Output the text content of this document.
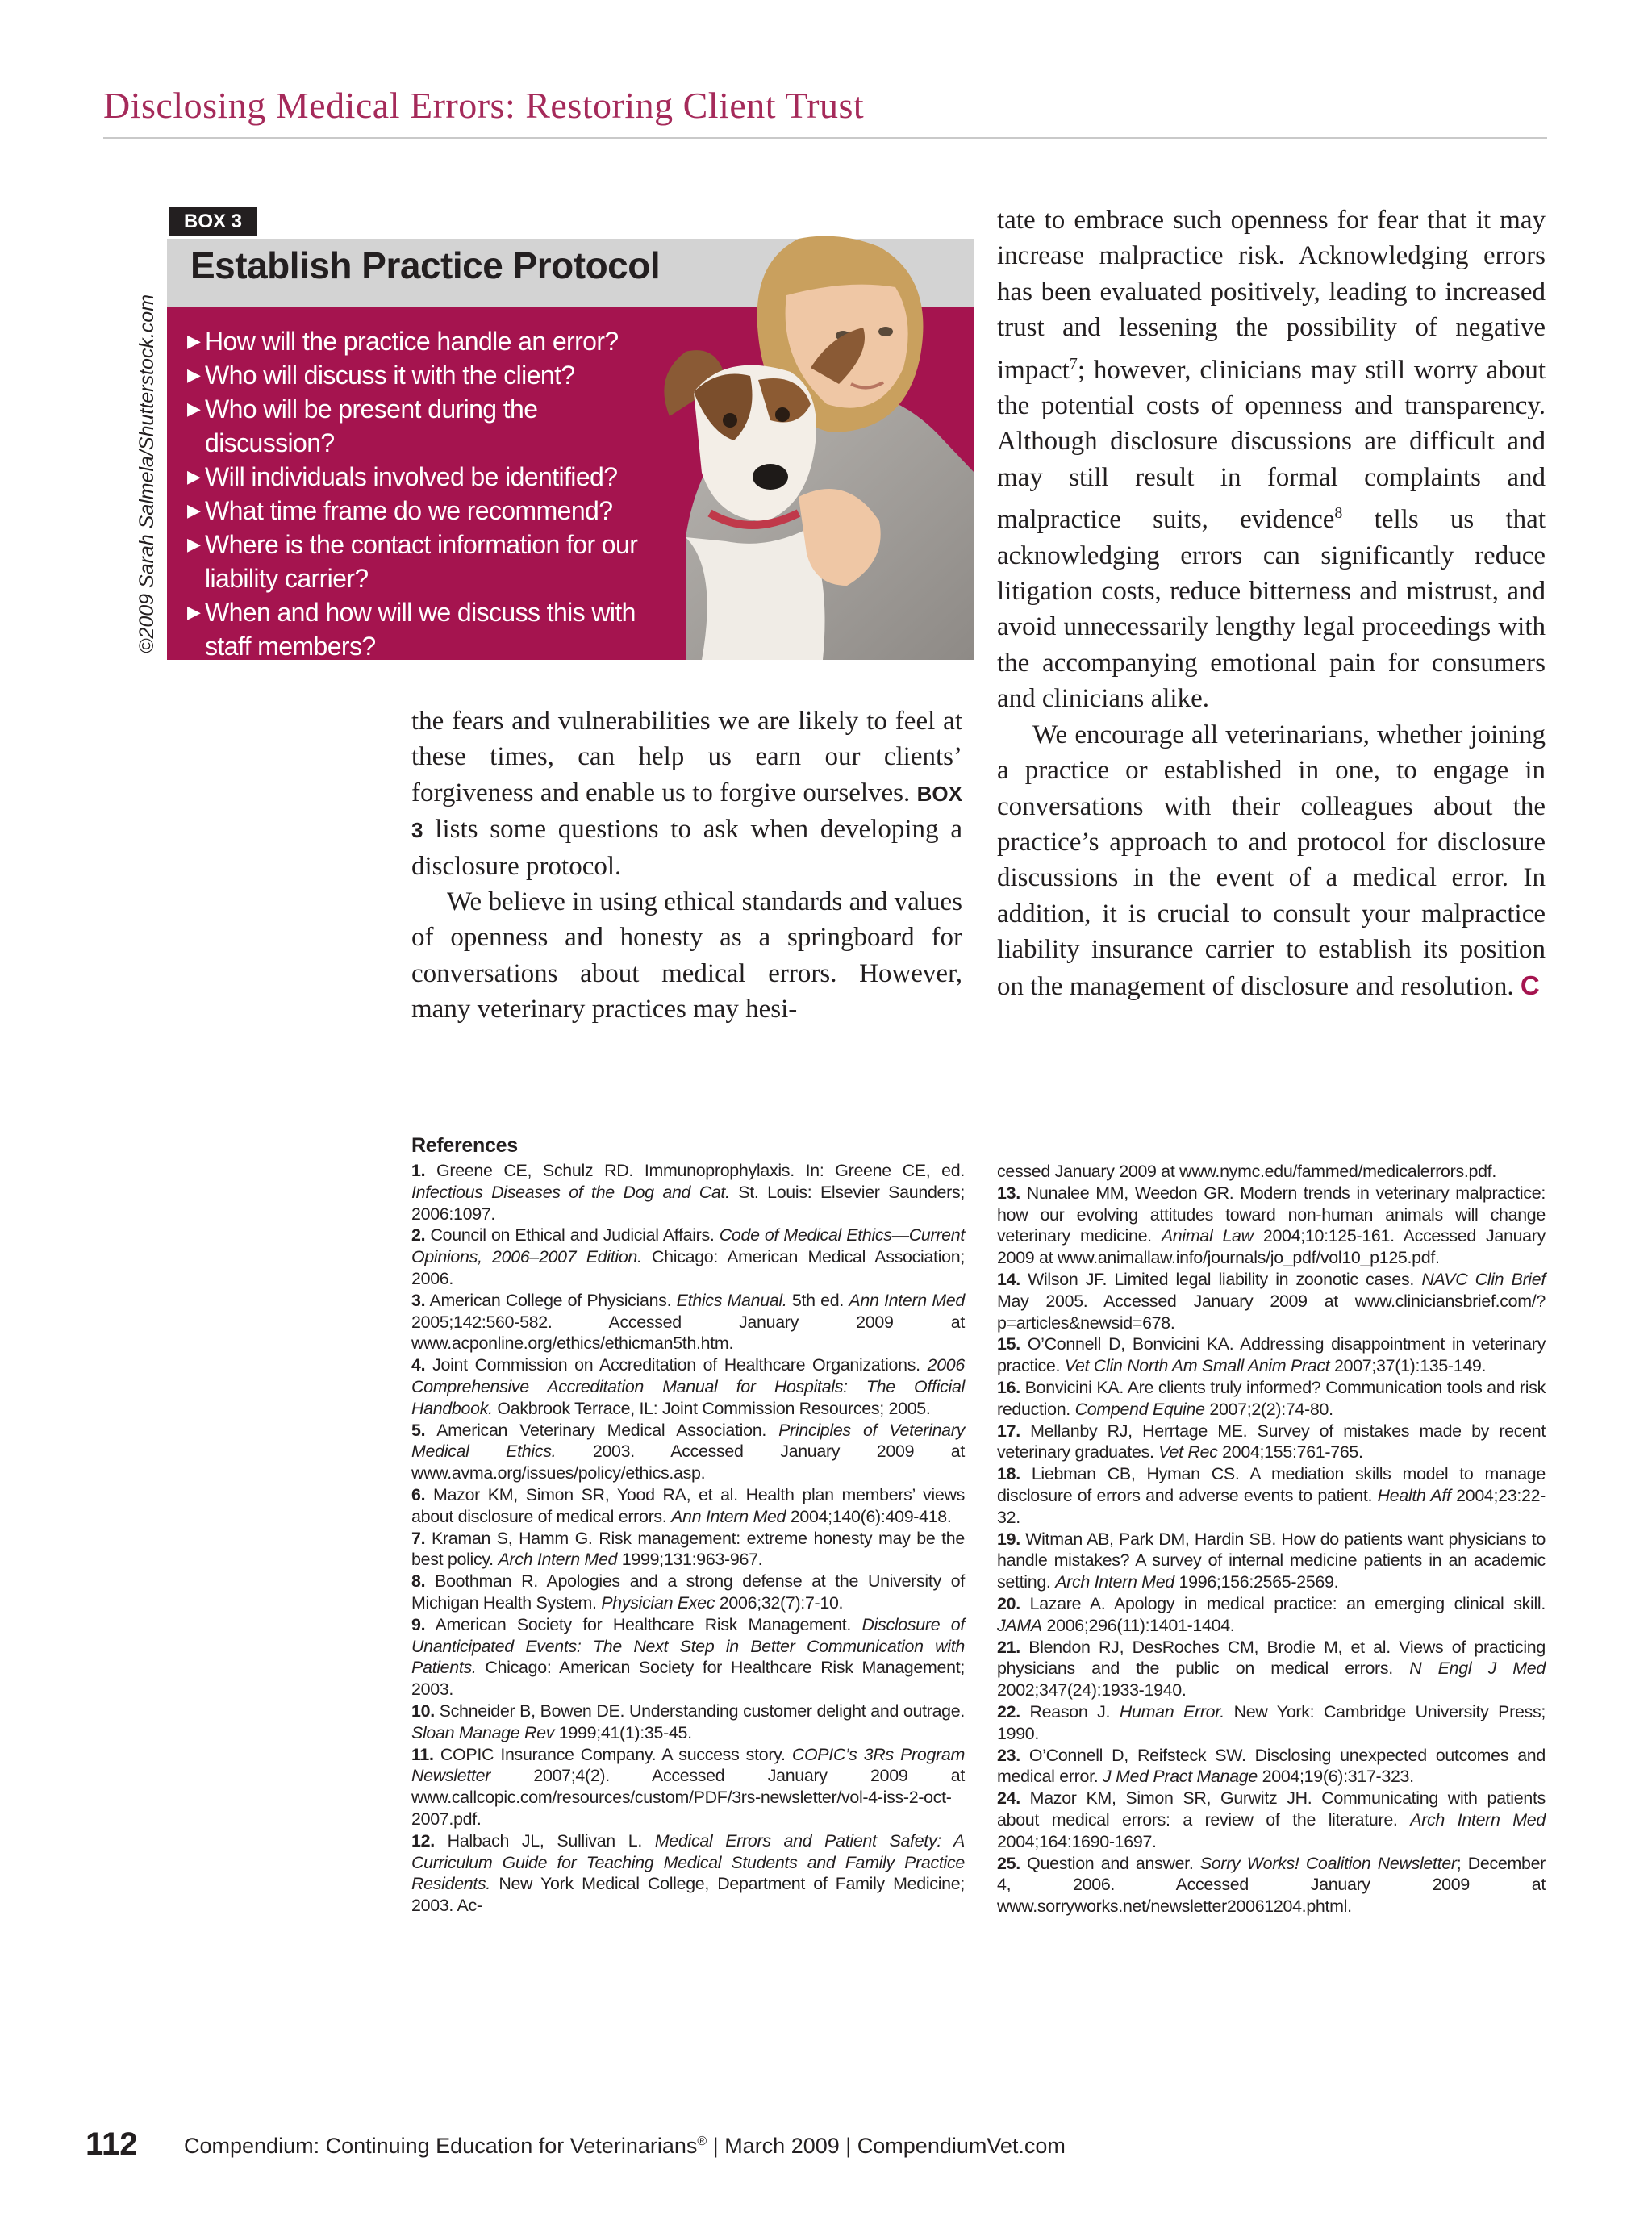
Disclosing Medical Errors: Restoring Client Trust
©2009 Sarah Salmela/Shutterstock.com
BOX 3
Establish Practice Protocol
▶ How will the practice handle an error?
▶ Who will discuss it with the client?
▶ Who will be present during the discussion?
▶ Will individuals involved be identified?
▶ What time frame do we recommend?
▶ Where is the contact information for our liability carrier?
▶ When and how will we discuss this with staff members?

the fears and vulnerabilities we are likely to feel at these times, can help us earn our clients’ forgiveness and enable us to forgive ourselves. BOX 3 lists some questions to ask when developing a disclosure protocol.

We believe in using ethical standards and values of openness and honesty as a springboard for conversations about medical errors. However, many veterinary practices may hesi-

tate to embrace such openness for fear that it may increase malpractice risk. Acknowledging errors has been evaluated positively, leading to increased trust and lessening the possibility of negative impact$^7$; however, clinicians may still worry about the potential costs of openness and transparency. Although disclosure discussions are difficult and may still result in formal complaints and malpractice suits, evidence$^8$ tells us that acknowledging errors can significantly reduce litigation costs, reduce bitterness and mistrust, and avoid unnecessarily lengthy legal proceedings with the accompanying emotional pain for consumers and clinicians alike.

We encourage all veterinarians, whether joining a practice or established in one, to engage in conversations with their colleagues about the practice’s approach to and protocol for disclosure discussions in the event of a medical error. In addition, it is crucial to consult your malpractice liability insurance carrier to establish its position on the management of disclosure and resolution. C

References

1. Greene CE, Schulz RD. Immunoprophylaxis. In: Greene CE, ed. Infectious Diseases of the Dog and Cat. St. Louis: Elsevier Saunders; 2006:1097.

2. Council on Ethical and Judicial Affairs. Code of Medical Ethics—Current Opinions, 2006–2007 Edition. Chicago: American Medical Association; 2006.

3. American College of Physicians. Ethics Manual. 5th ed. Ann Intern Med 2005;142:560-582. Accessed January 2009 at www.acponline.org/ethics/ethicman5th.htm.

4. Joint Commission on Accreditation of Healthcare Organizations. 2006 Comprehensive Accreditation Manual for Hospitals: The Official Handbook. Oakbrook Terrace, IL: Joint Commission Resources; 2005.

5. American Veterinary Medical Association. Principles of Veterinary Medical Ethics. 2003. Accessed January 2009 at www.avma.org/issues/policy/ethics.asp.

6. Mazor KM, Simon SR, Yood RA, et al. Health plan members’ views about disclosure of medical errors. Ann Intern Med 2004;140(6):409-418.

7. Kraman S, Hamm G. Risk management: extreme honesty may be the best policy. Arch Intern Med 1999;131:963-967.

8. Boothman R. Apologies and a strong defense at the University of Michigan Health System. Physician Exec 2006;32(7):7-10.

9. American Society for Healthcare Risk Management. Disclosure of Unanticipated Events: The Next Step in Better Communication with Patients. Chicago: American Society for Healthcare Risk Management; 2003.

10. Schneider B, Bowen DE. Understanding customer delight and outrage. Sloan Manage Rev 1999;41(1):35-45.

11. COPIC Insurance Company. A success story. COPIC’s 3Rs Program Newsletter 2007;4(2). Accessed January 2009 at www.callcopic.com/resources/custom/PDF/3rs-newsletter/vol-4-iss-2-oct-2007.pdf.

12. Halbach JL, Sullivan L. Medical Errors and Patient Safety: A Curriculum Guide for Teaching Medical Students and Family Practice Residents. New York Medical College, Department of Family Medicine; 2003. Ac-

cessed January 2009 at www.nymc.edu/fammed/medicalerrors.pdf.

13. Nunalee MM, Weedon GR. Modern trends in veterinary malpractice: how our evolving attitudes toward non-human animals will change veterinary medicine. Animal Law 2004;10:125-161. Accessed January 2009 at www.animallaw.info/journals/jo_pdf/vol10_p125.pdf.

14. Wilson JF. Limited legal liability in zoonotic cases. NAVC Clin Brief May 2005. Accessed January 2009 at www.cliniciansbrief.com/?p=articles&newsid=678.

15. O’Connell D, Bonvicini KA. Addressing disappointment in veterinary practice. Vet Clin North Am Small Anim Pract 2007;37(1):135-149.

16. Bonvicini KA. Are clients truly informed? Communication tools and risk reduction. Compend Equine 2007;2(2):74-80.

17. Mellanby RJ, Herrtage ME. Survey of mistakes made by recent veterinary graduates. Vet Rec 2004;155:761-765.

18. Liebman CB, Hyman CS. A mediation skills model to manage disclosure of errors and adverse events to patient. Health Aff 2004;23:22-32.

19. Witman AB, Park DM, Hardin SB. How do patients want physicians to handle mistakes? A survey of internal medicine patients in an academic setting. Arch Intern Med 1996;156:2565-2569.

20. Lazare A. Apology in medical practice: an emerging clinical skill. JAMA 2006;296(11):1401-1404.

21. Blendon RJ, DesRoches CM, Brodie M, et al. Views of practicing physicians and the public on medical errors. N Engl J Med 2002;347(24):1933-1940.

22. Reason J. Human Error. New York: Cambridge University Press; 1990.

23. O’Connell D, Reifsteck SW. Disclosing unexpected outcomes and medical error. J Med Pract Manage 2004;19(6):317-323.

24. Mazor KM, Simon SR, Gurwitz JH. Communicating with patients about medical errors: a review of the literature. Arch Intern Med 2004;164:1690-1697.

25. Question and answer. Sorry Works! Coalition Newsletter; December 4, 2006. Accessed January 2009 at www.sorryworks.net/newsletter20061204.phtml.

112 Compendium: Continuing Education for Veterinarians® | March 2009 | CompendiumVet.com
